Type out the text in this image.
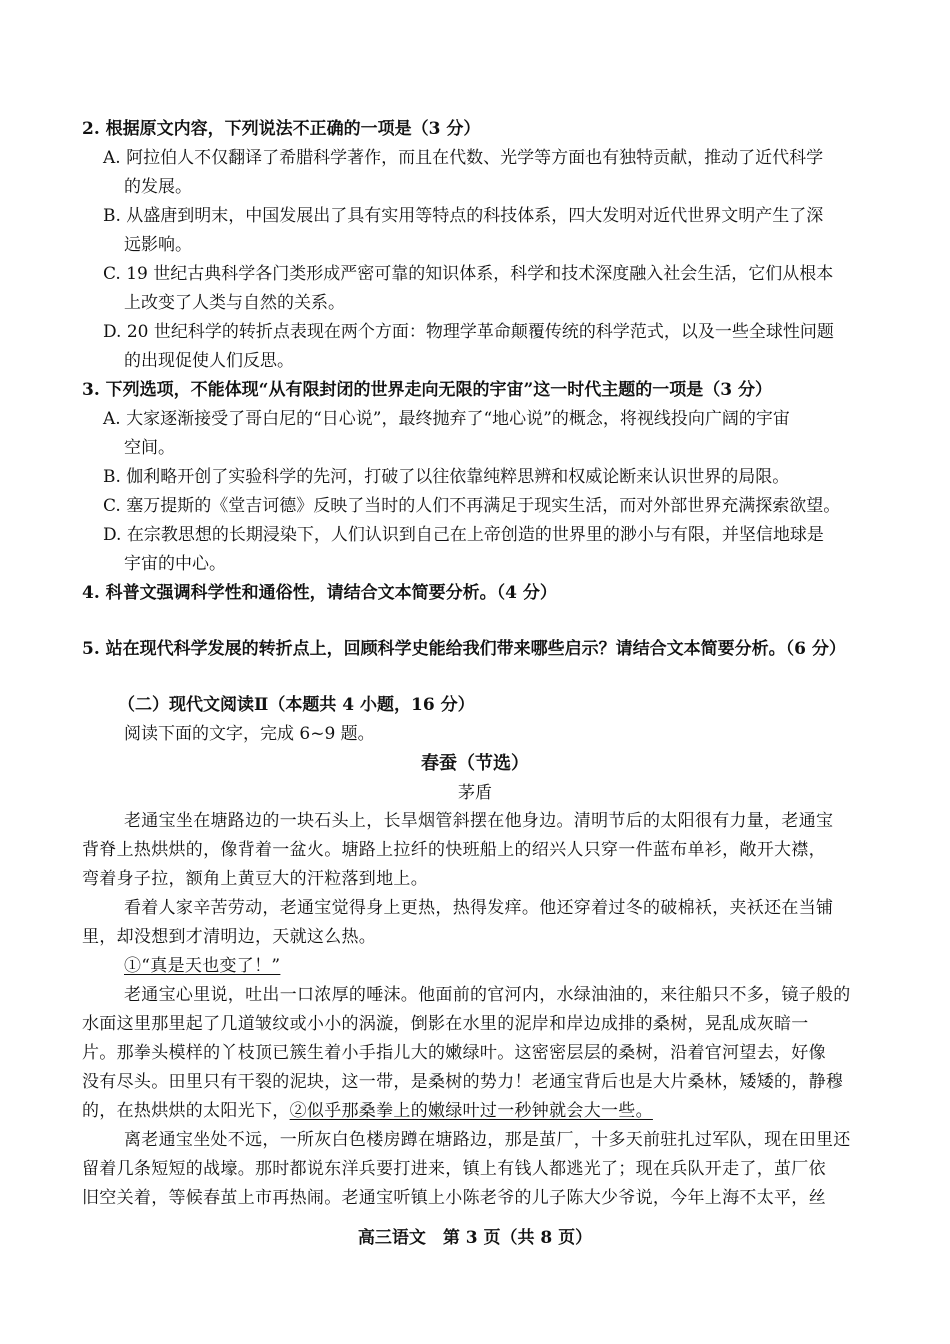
2. 根据原文内容，下列说法不正确的一项是（3 分）
A. 阿拉伯人不仅翻译了希腊科学著作，而且在代数、光学等方面也有独特贡献，推动了近代科学
的发展。
B. 从盛唐到明末，中国发展出了具有实用等特点的科技体系，四大发明对近代世界文明产生了深
远影响。
C. 19 世纪古典科学各门类形成严密可靠的知识体系，科学和技术深度融入社会生活，它们从根本
上改变了人类与自然的关系。
D. 20 世纪科学的转折点表现在两个方面：物理学革命颠覆传统的科学范式，以及一些全球性问题
的出现促使人们反思。
3. 下列选项，不能体现“从有限封闭的世界走向无限的宇宙”这一时代主题的一项是（3 分）
A. 大家逐渐接受了哥白尼的“日心说”，最终抛弃了“地心说”的概念，将视线投向广阔的宇宙
空间。
B. 伽利略开创了实验科学的先河，打破了以往依靠纯粹思辨和权威论断来认识世界的局限。
C. 塞万提斯的《堂吉诃德》反映了当时的人们不再满足于现实生活，而对外部世界充满探索欲望。
D. 在宗教思想的长期浸染下，人们认识到自己在上帝创造的世界里的渺小与有限，并坚信地球是
宇宙的中心。
4. 科普文强调科学性和通俗性，请结合文本简要分析。（4 分）
5. 站在现代科学发展的转折点上，回顾科学史能给我们带来哪些启示？请结合文本简要分析。（6 分）
（二）现代文阅读Ⅱ（本题共 4 小题，16 分）
阅读下面的文字，完成 6~9 题。
春蚕（节选）
茅盾
老通宝坐在塘路边的一块石头上，长旱烟管斜摆在他身边。清明节后的太阳很有力量，老通宝
背脊上热烘烘的，像背着一盆火。塘路上拉纤的快班船上的绍兴人只穿一件蓝布单衫，敞开大襟，
弯着身子拉，额角上黄豆大的汗粒落到地上。
看着人家辛苦劳动，老通宝觉得身上更热，热得发痒。他还穿着过冬的破棉袄，夹袄还在当铺
里，却没想到才清明边，天就这么热。
①“真是天也变了！”
老通宝心里说，吐出一口浓厚的唾沫。他面前的官河内，水绿油油的，来往船只不多，镜子般的
水面这里那里起了几道皱纹或小小的涡漩，倒影在水里的泥岸和岸边成排的桑树，晃乱成灰暗一
片。那拳头模样的丫枝顶已簇生着小手指儿大的嫩绿叶。这密密层层的桑树，沿着官河望去，好像
没有尽头。田里只有干裂的泥块，这一带，是桑树的势力！老通宝背后也是大片桑林，矮矮的，静穆
的，在热烘烘的太阳光下，②似乎那桑拳上的嫩绿叶过一秒钟就会大一些。
离老通宝坐处不远，一所灰白色楼房蹲在塘路边，那是茧厂，十多天前驻扎过军队，现在田里还
留着几条短短的战壕。那时都说东洋兵要打进来，镇上有钱人都逃光了；现在兵队开走了，茧厂依
旧空关着，等候春茧上市再热闹。老通宝听镇上小陈老爷的儿子陈大少爷说，今年上海不太平，丝
高三语文　第 3 页（共 8 页）
